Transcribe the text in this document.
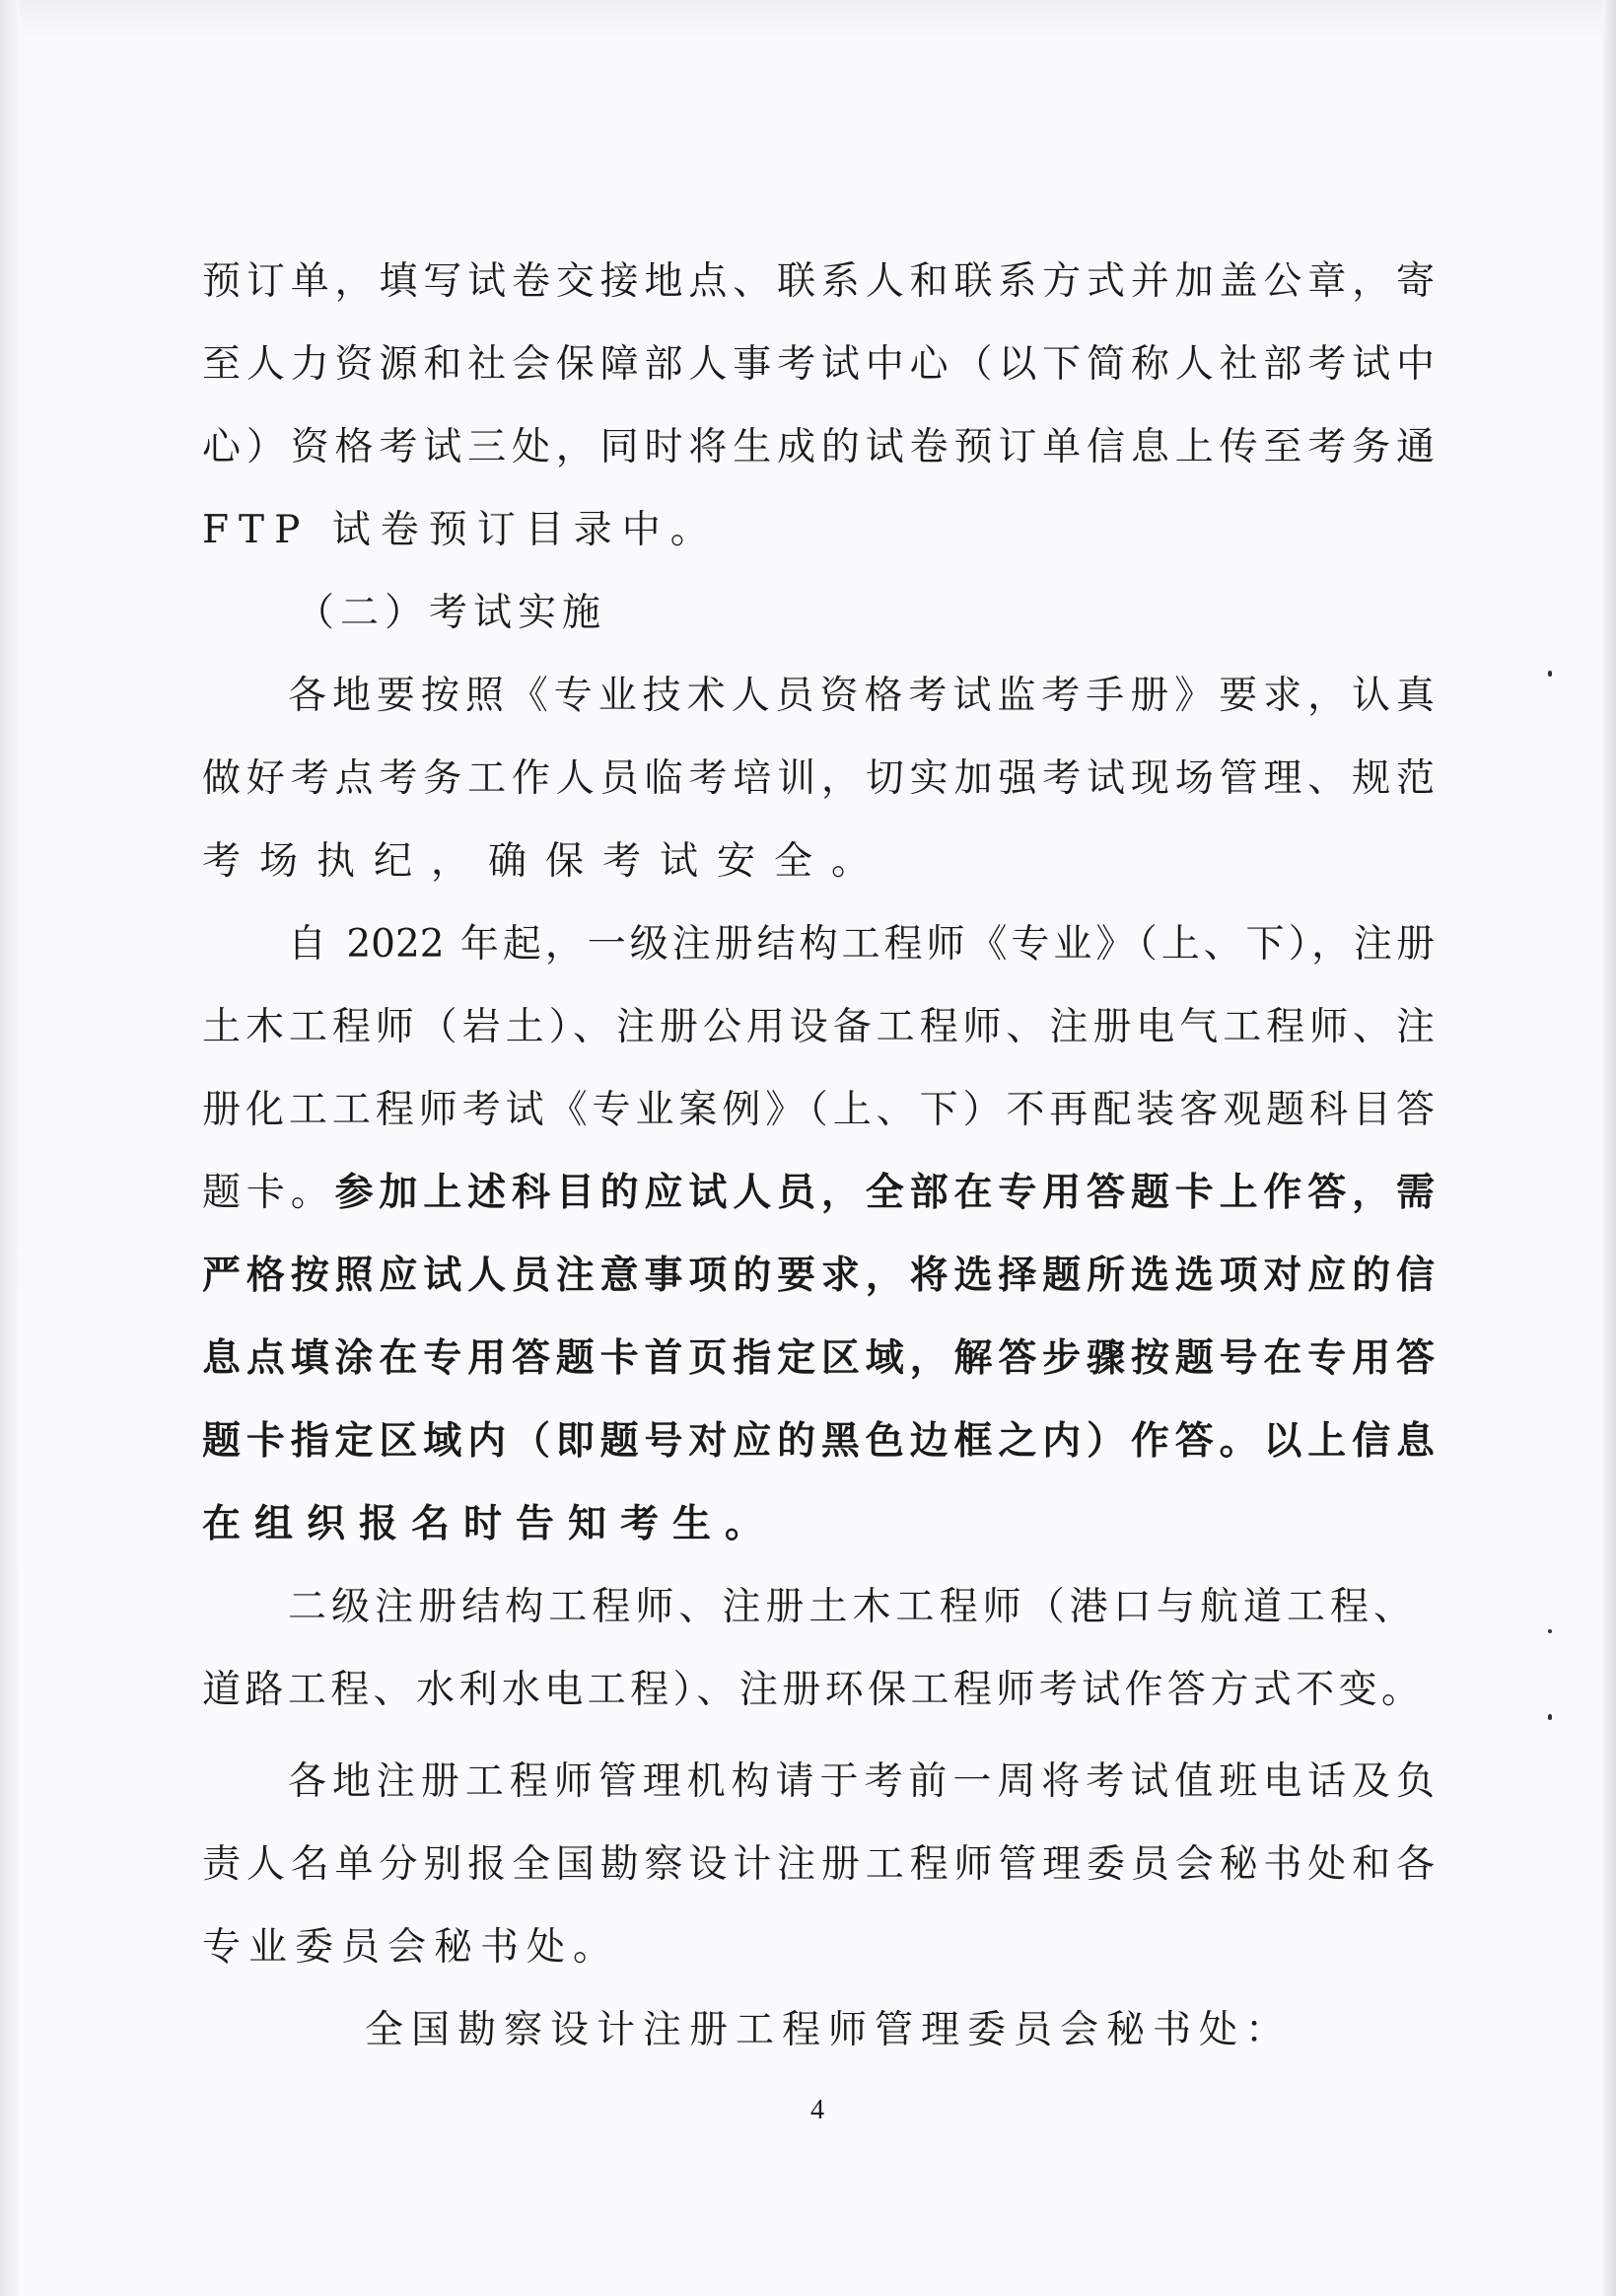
预订单，填写试卷交接地点、联系人和联系方式并加盖公章，寄
至人力资源和社会保障部人事考试中心（以下简称人社部考试中
心）资格考试三处，同时将生成的试卷预订单信息上传至考务通
FTP 试卷预订目录中。
（二）考试实施
各地要按照《专业技术人员资格考试监考手册》要求，认真
做好考点考务工作人员临考培训，切实加强考试现场管理、规范
考场执纪，确保考试安全。
自 2022 年起，一级注册结构工程师《专业》（上、下），注册
土木工程师（岩土）、注册公用设备工程师、注册电气工程师、注
册化工工程师考试《专业案例》（上、下）不再配装客观题科目答
题卡。参加上述科目的应试人员，全部在专用答题卡上作答，需
严格按照应试人员注意事项的要求，将选择题所选选项对应的信
息点填涂在专用答题卡首页指定区域，解答步骤按题号在专用答
题卡指定区域内（即题号对应的黑色边框之内）作答。以上信息
在组织报名时告知考生。
二级注册结构工程师、注册土木工程师（港口与航道工程、
道路工程、水利水电工程）、注册环保工程师考试作答方式不变。
各地注册工程师管理机构请于考前一周将考试值班电话及负
责人名单分别报全国勘察设计注册工程师管理委员会秘书处和各
专业委员会秘书处。
全国勘察设计注册工程师管理委员会秘书处：
4
